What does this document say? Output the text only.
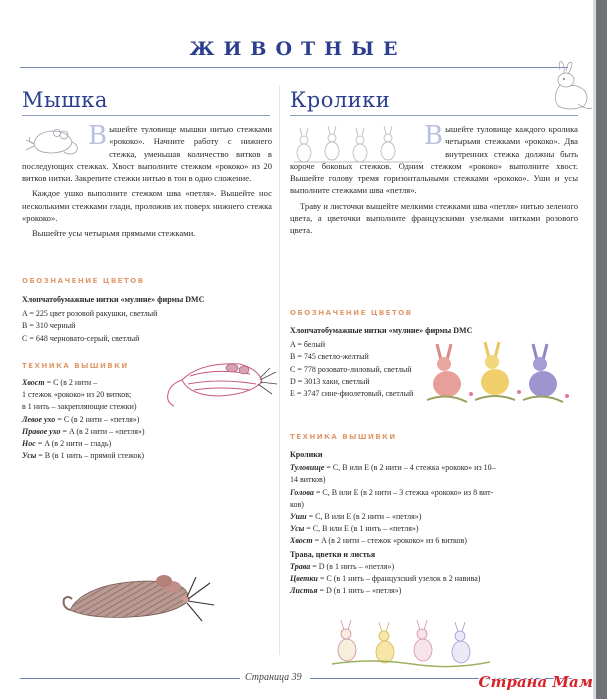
ЖИВОТНЫЕ
Мышка

Вышейте туловище мышки нитью стежками «рококо». Начните работу с нижнего стежка, уменьшая количество витков в последующих стежках. Хвост выполните стежком «рококо» из 20 витков нитки. Закрепите стежки нитью в тон в одно сложение.

Каждое ушко выполните стежком шва «петля». Вышейте нос несколькими стежками глади, проложив их поверх нижнего стежка «рококо».

Вышейте усы четырьмя прямыми стежками.

ОБОЗНАЧЕНИЕ ЦВЕТОВ
Хлопчатобумажные нитки «мулине» фирмы DMC
A = 225 цвет розовой ракушки, светлый
B = 310 черный
C = 648 черновато-серый, светлый
ТЕХНИКА ВЫШИВКИ
Хвост = C (в 2 нити –
1 стежок «рококо» из 20 витков;
в 1 нить – закрепляющие стежки)
Левое ухо = C (в 2 нити – «петля»)
Правое ухо = A (в 2 нити – «петля»)
Нос = A (в 2 нити – гладь)
Усы = B (в 1 нить – прямой стежок)
Кролики

Вышейте туловище каждого кролика четырьмя стежками «рококо». Два внутренних стежка должны быть короче боковых стежков. Одним стежком «рококо» выполните хвост. Вышейте голову тремя горизонтальными стежками «рококо». Уши и усы выполните стежками шва «петля».

Траву и листочки вышейте мелкими стежками шва «петля» нитью зеленого цвета, а цветочки выполните французскими узелками нитками розового цвета.

ОБОЗНАЧЕНИЕ ЦВЕТОВ
Хлопчатобумажные нитки «мулине» фирмы DMC
A = белый
B = 745 светло-желтый
C = 778 розовато-лиловый, светлый
D = 3013 хаки, светлый
E = 3747 сине-фиолетовый, светлый
ТЕХНИКА ВЫШИВКИ
Кролики
Туловище = C, B или E (в 2 нити – 4 стежка «рококо» из 10–
14 витков)
Голова = C, B или E (в 2 нити – 3 стежка «рококо» из 8 вит-
ков)
Уши = C, B или E (в 2 нити – «петля»)
Усы = C, B или E (в 1 нить – «петля»)
Хвост = A (в 2 нити – стежок «рококо» из 6 витков)
Трава, цветки и листья
Трава = D (в 1 нить – «петля»)
Цветки = C (в 1 нить – французский узелок в 2 навива)
Листья = D (в 1 нить – «петля»)
Страница 39	Страна Мам
